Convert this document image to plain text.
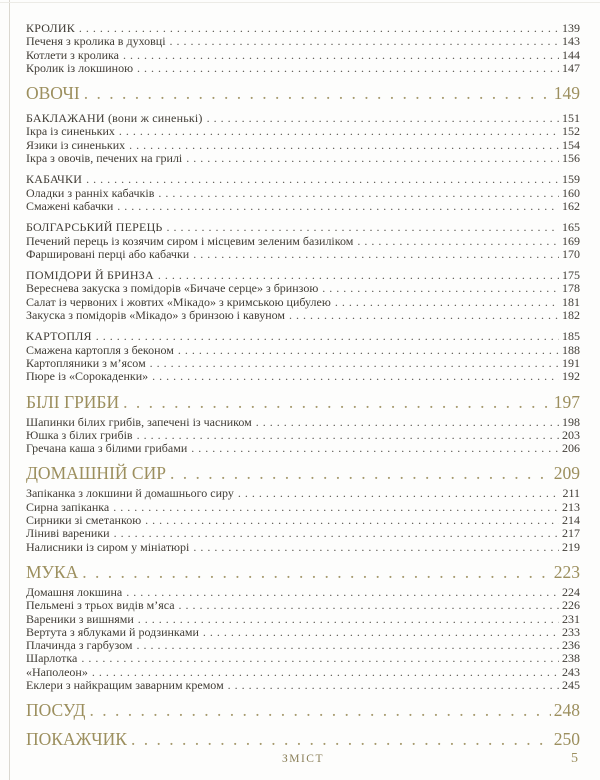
КРОЛИК . . .	139
Печеня з кролика в духовці . . .	143
Котлети з кролика . . .	144
Кролик із локшиною . . .	147
ОВОЧІ . . .	149
БАКЛАЖАНИ (вони ж синенькі) . . .	151
Ікра із синеньких . . .	152
Язики із синеньких . . .	154
Ікра з овочів, печених на грилі . . .	156
КАБАЧКИ . . .	159
Оладки з ранніх кабачків . . .	160
Смажені кабачки . . .	162
БОЛГАРСЬКИЙ ПЕРЕЦЬ . . .	165
Печений перець із козячим сиром і місцевим зеленим базиліком . . .	169
Фаршировані перці або кабачки . . .	170
ПОМІДОРИ Й БРИНЗА . . .	175
Вереснева закуска з помідорів «Бичаче серце» з бринзою . . .	178
Салат із червоних і жовтих «Мікадо» з кримською цибулею . . .	181
Закуска з помідорів «Мікадо» з бринзою і кавуном . . .	182
КАРТОПЛЯ . . .	185
Смажена картопля з беконом . . .	188
Картопляники з м’ясом . . .	191
Пюре із «Сорокаденки» . . .	192
БІЛІ ГРИБИ . . .	197
Шапинки білих грибів, запечені із часником . . .	198
Юшка з білих грибів . . .	203
Гречана каша з білими грибами . . .	206
ДОМАШНІЙ СИР . . .	209
Запіканка з локшини й домашнього сиру . . .	211
Сирна запіканка . . .	213
Сирники зі сметанкою . . .	214
Ліниві вареники . . .	217
Налисники із сиром у мініатюрі . . .	219
МУКА . . .	223
Домашня локшина . . .	224
Пельмені з трьох видів м’яса . . .	226
Вареники з вишнями . . .	231
Вертута з яблуками й родзинками . . .	233
Плачинда з гарбузом . . .	236
Шарлотка . . .	238
«Наполеон» . . .	243
Еклери з найкращим заварним кремом . . .	245
ПОСУД . . .	248
ПОКАЖЧИК . . .	250
ЗМІСТ	5
